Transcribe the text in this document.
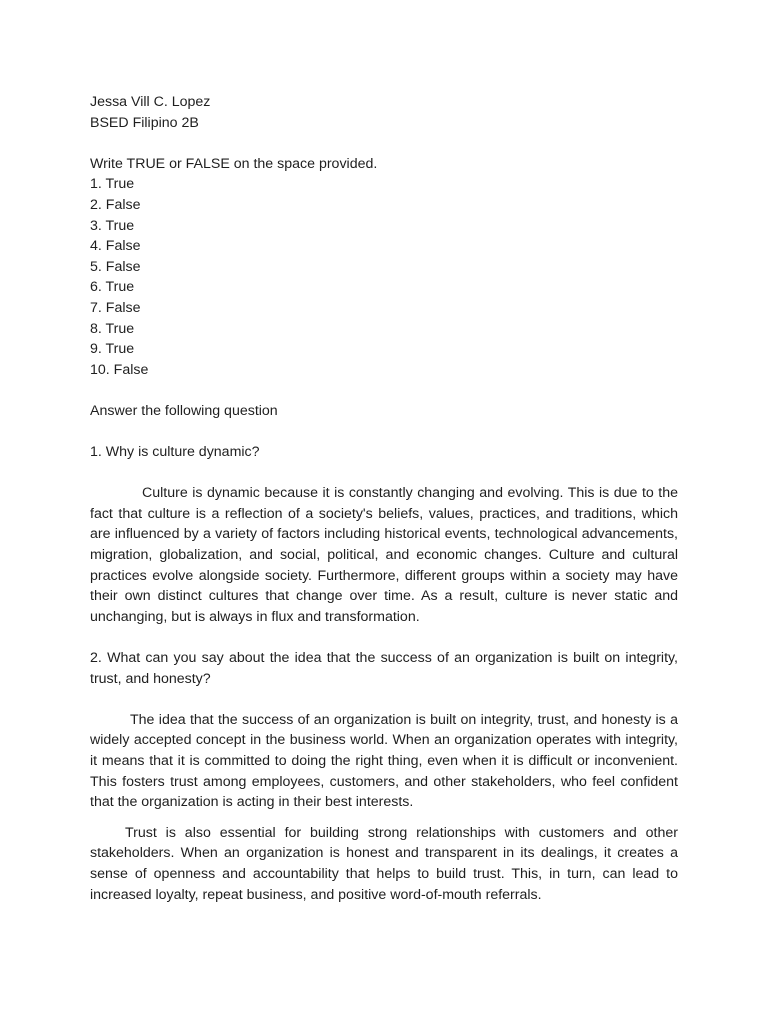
Jessa Vill C. Lopez
BSED Filipino 2B
Write TRUE or FALSE on the space provided.
1. True
2. False
3. True
4. False
5. False
6. True
7. False
8. True
9. True
10. False
Answer the following question
1. Why is culture dynamic?

Culture is dynamic because it is constantly changing and evolving. This is due to the fact that culture is a reflection of a society's beliefs, values, practices, and traditions, which are influenced by a variety of factors including historical events, technological advancements, migration, globalization, and social, political, and economic changes. Culture and cultural practices evolve alongside society. Furthermore, different groups within a society may have their own distinct cultures that change over time. As a result, culture is never static and unchanging, but is always in flux and transformation.

2. What can you say about the idea that the success of an organization is built on integrity, trust, and honesty?

The idea that the success of an organization is built on integrity, trust, and honesty is a widely accepted concept in the business world. When an organization operates with integrity, it means that it is committed to doing the right thing, even when it is difficult or inconvenient. This fosters trust among employees, customers, and other stakeholders, who feel confident that the organization is acting in their best interests.

Trust is also essential for building strong relationships with customers and other stakeholders. When an organization is honest and transparent in its dealings, it creates a sense of openness and accountability that helps to build trust. This, in turn, can lead to increased loyalty, repeat business, and positive word-of-mouth referrals.
